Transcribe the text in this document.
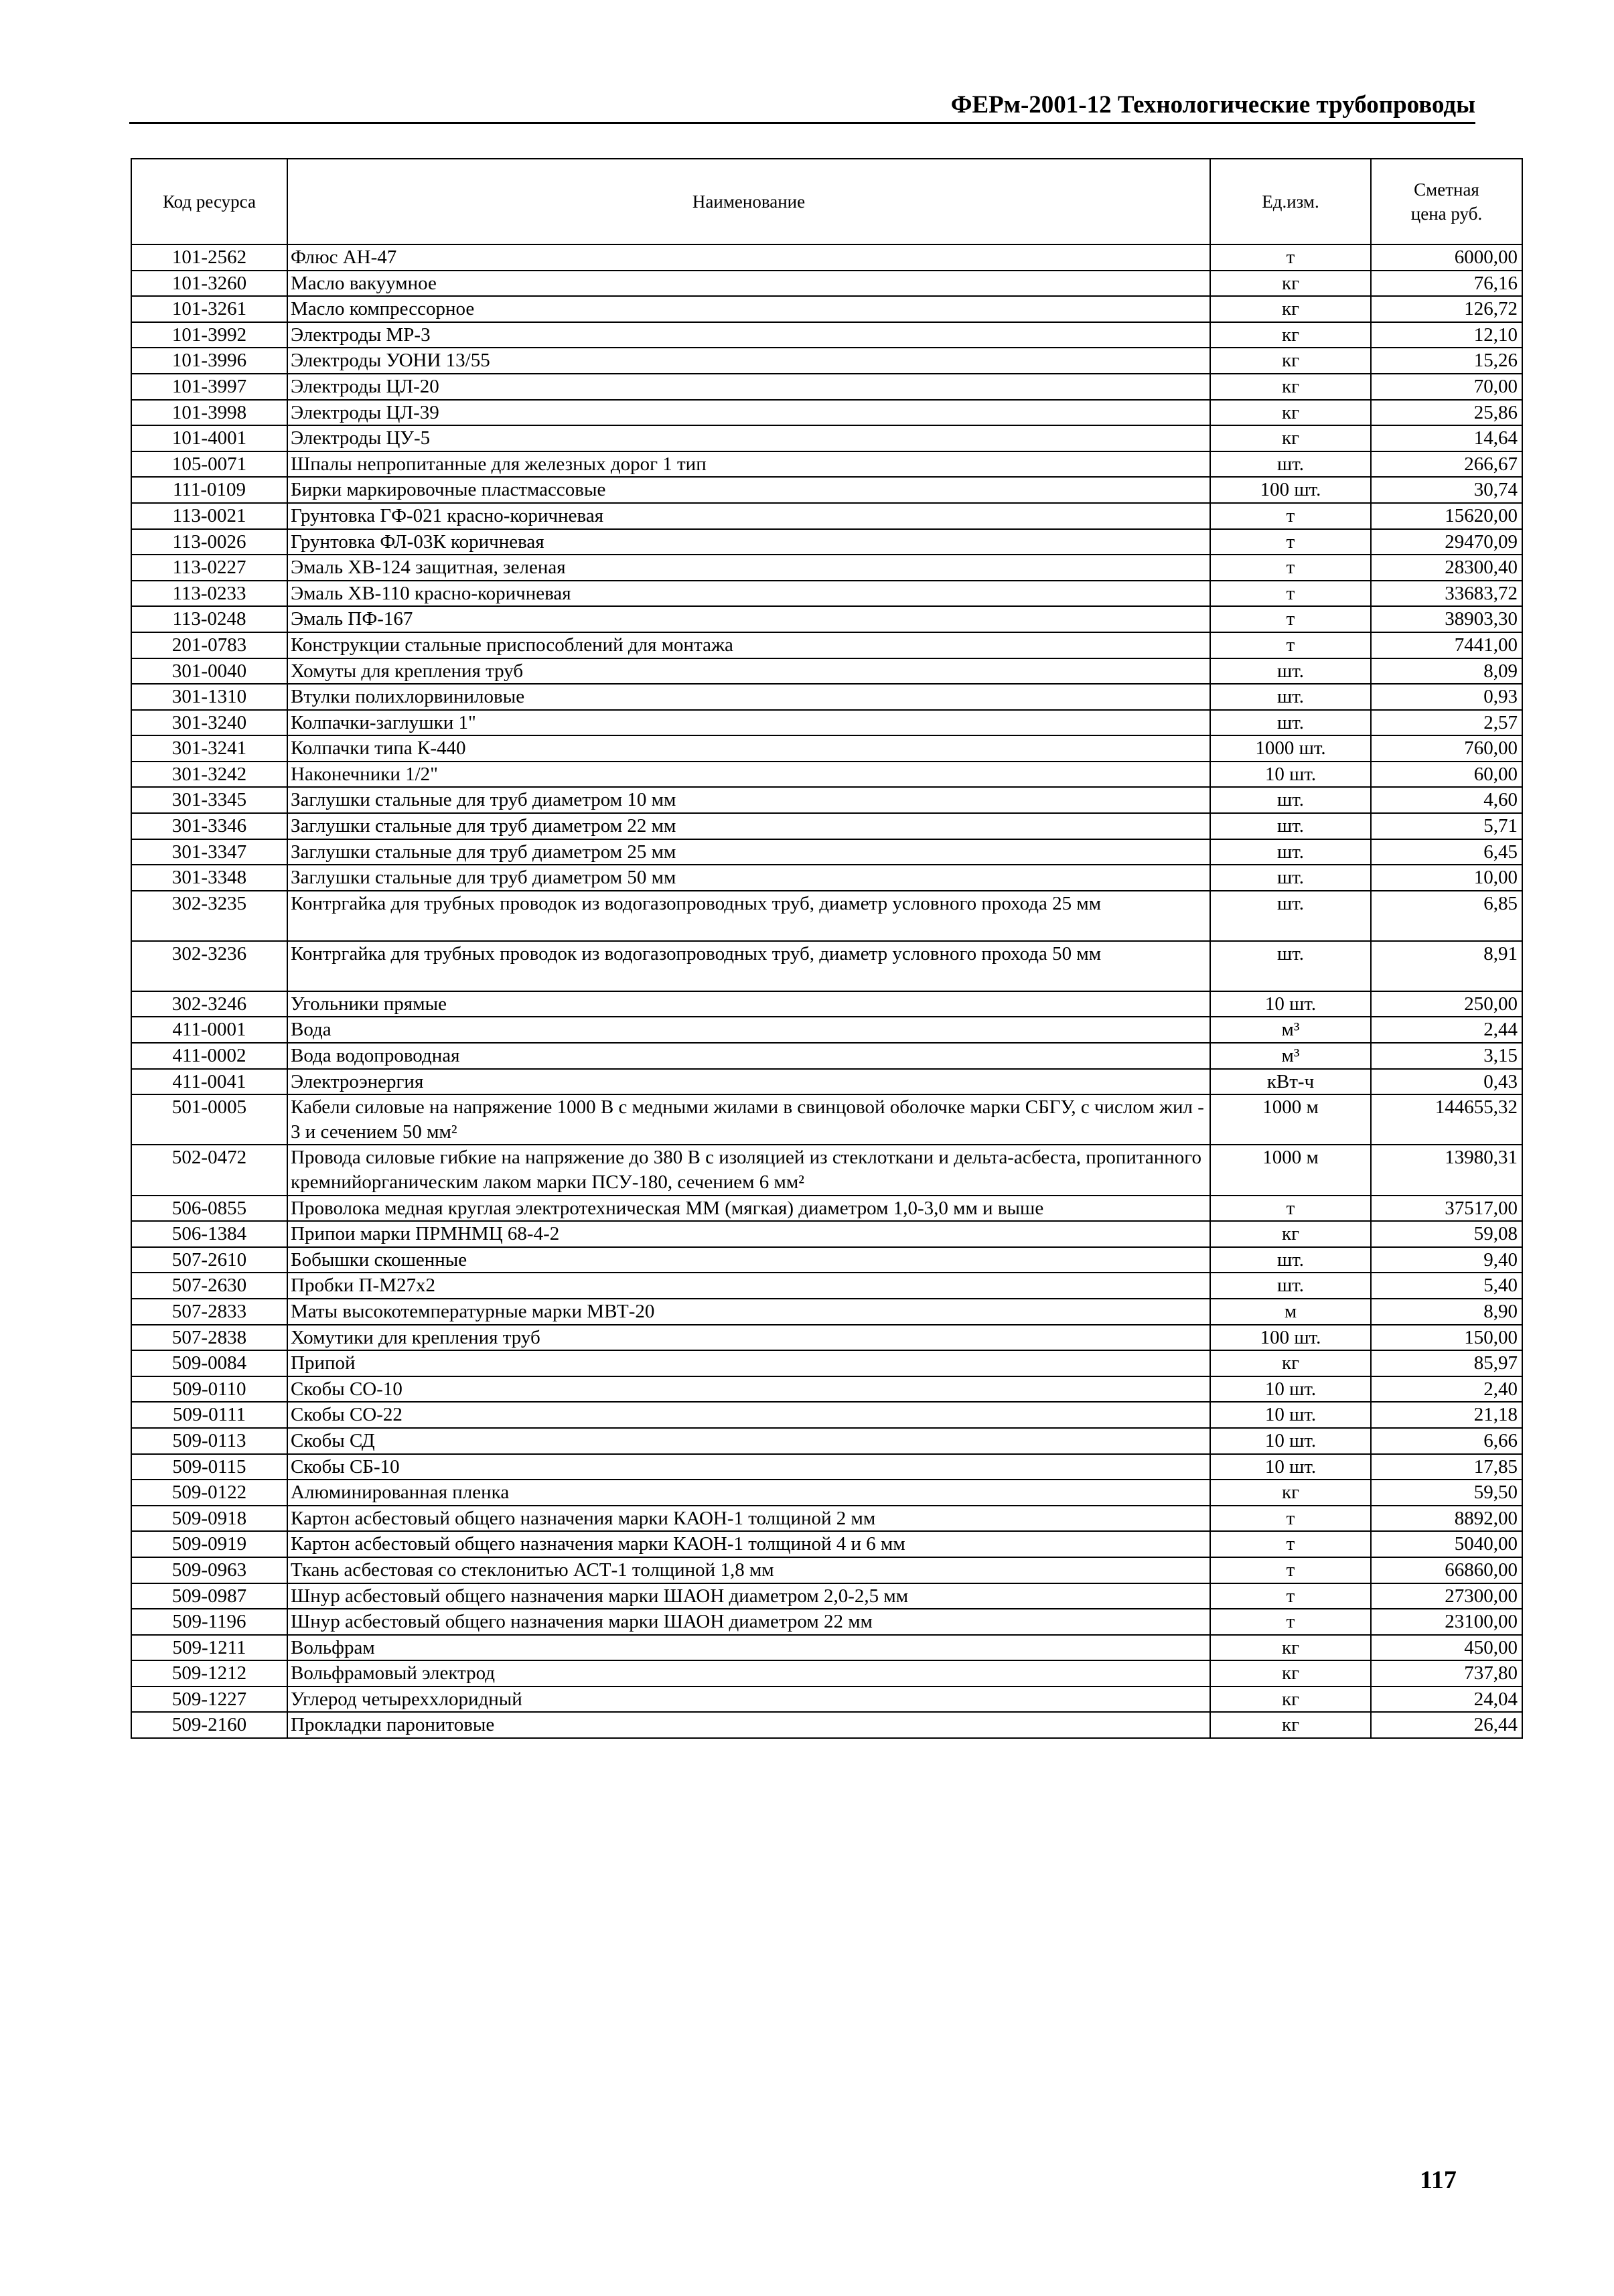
ФЕРм-2001-12 Технологические трубопроводы
Код ресурса	Наименование	Ед.изм.	Сметная цена руб.
101-2562	Флюс АН-47	т	6000,00
101-3260	Масло вакуумное	кг	76,16
101-3261	Масло компрессорное	кг	126,72
101-3992	Электроды МР-3	кг	12,10
101-3996	Электроды УОНИ 13/55	кг	15,26
101-3997	Электроды ЦЛ-20	кг	70,00
101-3998	Электроды ЦЛ-39	кг	25,86
101-4001	Электроды ЦУ-5	кг	14,64
105-0071	Шпалы непропитанные для железных дорог 1 тип	шт.	266,67
111-0109	Бирки маркировочные пластмассовые	100 шт.	30,74
113-0021	Грунтовка ГФ-021 красно-коричневая	т	15620,00
113-0026	Грунтовка ФЛ-03К коричневая	т	29470,09
113-0227	Эмаль ХВ-124 защитная, зеленая	т	28300,40
113-0233	Эмаль ХВ-110 красно-коричневая	т	33683,72
113-0248	Эмаль ПФ-167	т	38903,30
201-0783	Конструкции стальные приспособлений для монтажа	т	7441,00
301-0040	Хомуты для крепления труб	шт.	8,09
301-1310	Втулки полихлорвиниловые	шт.	0,93
301-3240	Колпачки-заглушки 1"	шт.	2,57
301-3241	Колпачки типа К-440	1000 шт.	760,00
301-3242	Наконечники 1/2"	10 шт.	60,00
301-3345	Заглушки стальные для труб диаметром 10 мм	шт.	4,60
301-3346	Заглушки стальные для труб диаметром 22 мм	шт.	5,71
301-3347	Заглушки стальные для труб диаметром 25 мм	шт.	6,45
301-3348	Заглушки стальные для труб диаметром 50 мм	шт.	10,00
302-3235	Контргайка для трубных проводок из водогазопроводных труб, диаметр условного прохода 25 мм	шт.	6,85
302-3236	Контргайка для трубных проводок из водогазопроводных труб, диаметр условного прохода 50 мм	шт.	8,91
302-3246	Угольники прямые	10 шт.	250,00
411-0001	Вода	м³	2,44
411-0002	Вода водопроводная	м³	3,15
411-0041	Электроэнергия	кВт-ч	0,43
501-0005	Кабели силовые на напряжение 1000 В с медными жилами в свинцовой оболочке марки СБГУ, с числом жил - 3 и сечением 50 мм²	1000 м	144655,32
502-0472	Провода силовые гибкие на напряжение до 380 В с изоляцией из стеклоткани и дельта-асбеста, пропитанного кремнийорганическим лаком марки ПСУ-180, сечением 6 мм²	1000 м	13980,31
506-0855	Проволока медная круглая электротехническая ММ (мягкая) диаметром 1,0-3,0 мм и выше	т	37517,00
506-1384	Припои марки ПРМНМЦ 68-4-2	кг	59,08
507-2610	Бобышки скошенные	шт.	9,40
507-2630	Пробки П-М27х2	шт.	5,40
507-2833	Маты высокотемпературные марки МВТ-20	м	8,90
507-2838	Хомутики для крепления труб	100 шт.	150,00
509-0084	Припой	кг	85,97
509-0110	Скобы СО-10	10 шт.	2,40
509-0111	Скобы СО-22	10 шт.	21,18
509-0113	Скобы СД	10 шт.	6,66
509-0115	Скобы СБ-10	10 шт.	17,85
509-0122	Алюминированная пленка	кг	59,50
509-0918	Картон асбестовый общего назначения марки КАОН-1 толщиной 2 мм	т	8892,00
509-0919	Картон асбестовый общего назначения марки КАОН-1 толщиной 4 и 6 мм	т	5040,00
509-0963	Ткань асбестовая со стеклонитью АСТ-1 толщиной 1,8 мм	т	66860,00
509-0987	Шнур асбестовый общего назначения марки ШАОН диаметром 2,0-2,5 мм	т	27300,00
509-1196	Шнур асбестовый общего назначения марки ШАОН диаметром 22 мм	т	23100,00
509-1211	Вольфрам	кг	450,00
509-1212	Вольфрамовый электрод	кг	737,80
509-1227	Углерод четыреххлоридный	кг	24,04
509-2160	Прокладки паронитовые	кг	26,44
117
